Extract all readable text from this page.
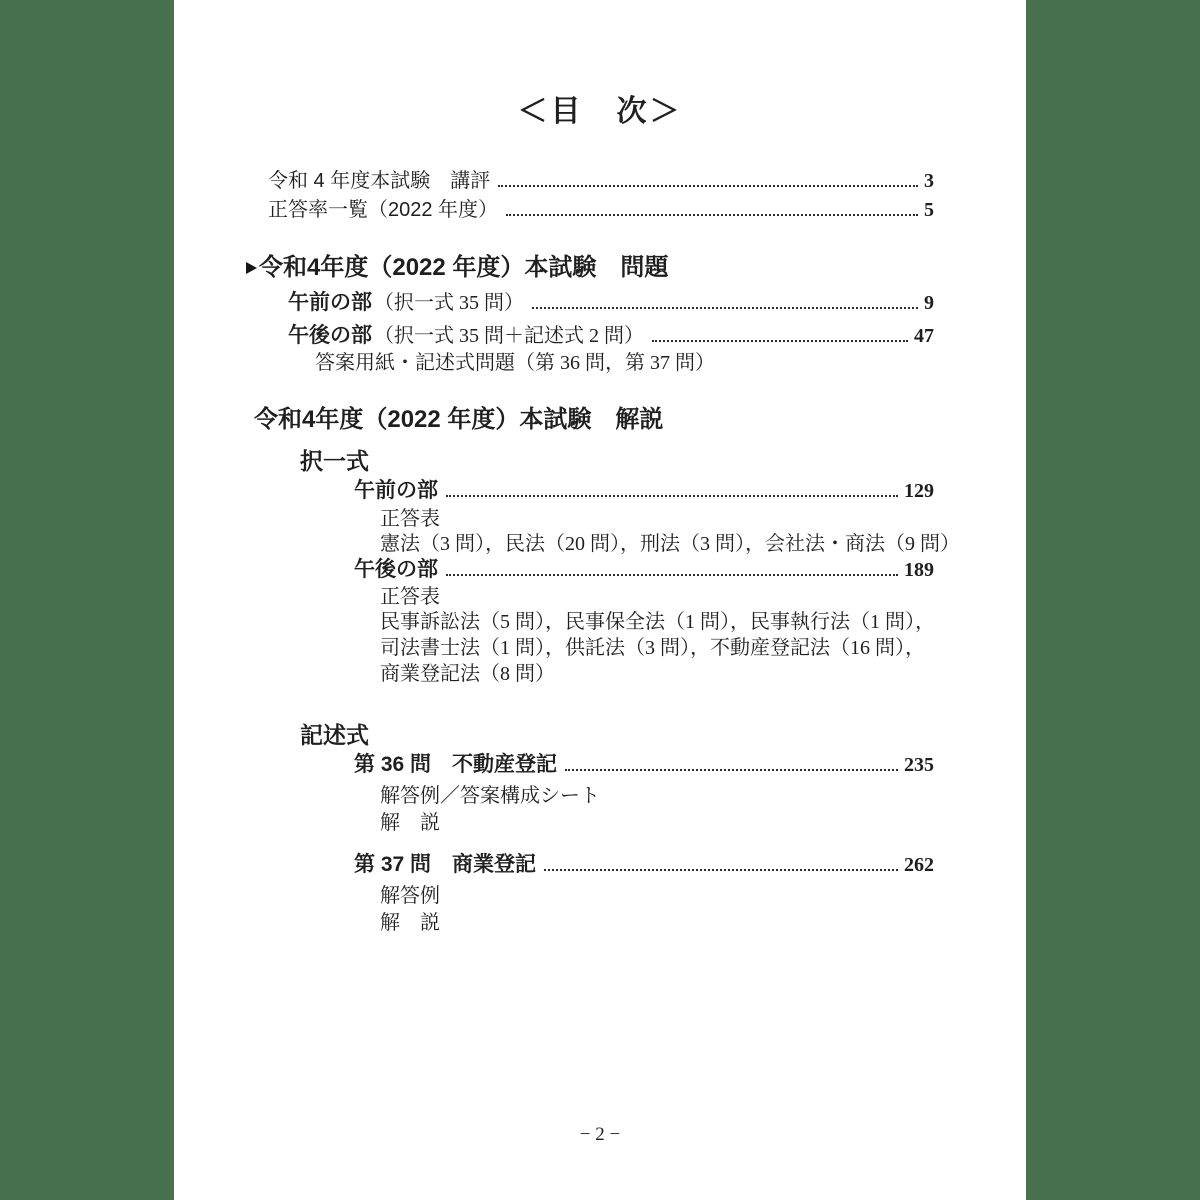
＜目　次＞
令和 4 年度本試験　講評	3
正答率一覧（2022 年度）	5
令和4年度（2022 年度）本試験　問題
午前の部 （択一式 35 問）	9
午後の部 （択一式 35 問＋記述式 2 問）	47
答案用紙・記述式問題（第 36 問，第 37 問）
令和4年度（2022 年度）本試験　解説
択一式
午前の部	129
正答表
憲法（3 問），民法（20 問），刑法（3 問），会社法・商法（9 問）
午後の部	189
正答表
民事訴訟法（5 問），民事保全法（1 問），民事執行法（1 問），
司法書士法（1 問），供託法（3 問），不動産登記法（16 問），
商業登記法（8 問）
記述式
第 36 問　不動産登記	235
解答例／答案構成シート
解　説
第 37 問　商業登記	262
解答例
解　説
− 2 −
